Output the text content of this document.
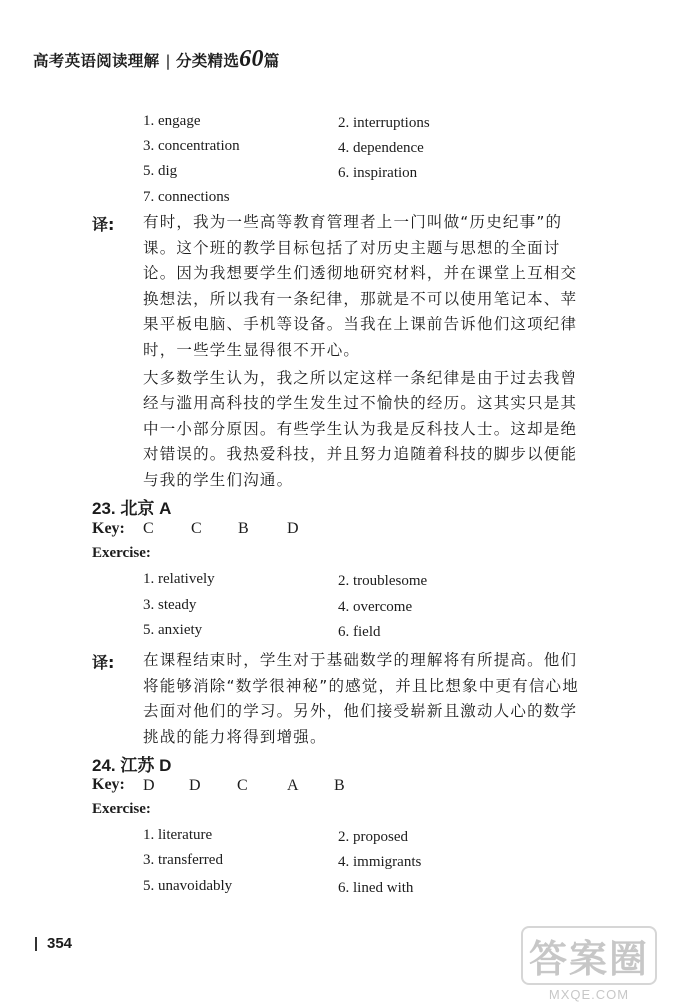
高考英语阅读理解 | 分类精选60篇
1. engage	2. interruptions
3. concentration	4. dependence
5. dig	6. inspiration
7. connections
译: 有时，我为一些高等教育管理者上一门叫做“历史纪事”的课。这个班的教学目标包括了对历史主题与思想的全面讨论。因为我想要学生们透彻地研究材料，并在课堂上互相交换想法，所以我有一条纪律，那就是不可以使用笔记本、苹果平板电脑、手机等设备。当我在上课前告诉他们这项纪律时，一些学生显得很不开心。

大多数学生认为，我之所以定这样一条纪律是由于过去我曾经与滥用高科技的学生发生过不愉快的经历。这其实只是其中一小部分原因。有些学生认为我是反科技人士。这却是绝对错误的。我热爱科技，并且努力追随着科技的脚步以便能与我的学生们沟通。

23. 北京 A
Key: C C B D
Exercise:
1. relatively	2. troublesome
3. steady	4. overcome
5. anxiety	6. field
译: 在课程结束时，学生对于基础数学的理解将有所提高。他们将能够消除“数学很神秘”的感觉，并且比想象中更有信心地去面对他们的学习。另外，他们接受崭新且激动人心的数学挑战的能力将得到增强。
24. 江苏 D
Key: D D C A B
Exercise:
1. literature	2. proposed
3. transferred	4. immigrants
5. unavoidably	6. lined with
354	答案圈
MXQE.COM
